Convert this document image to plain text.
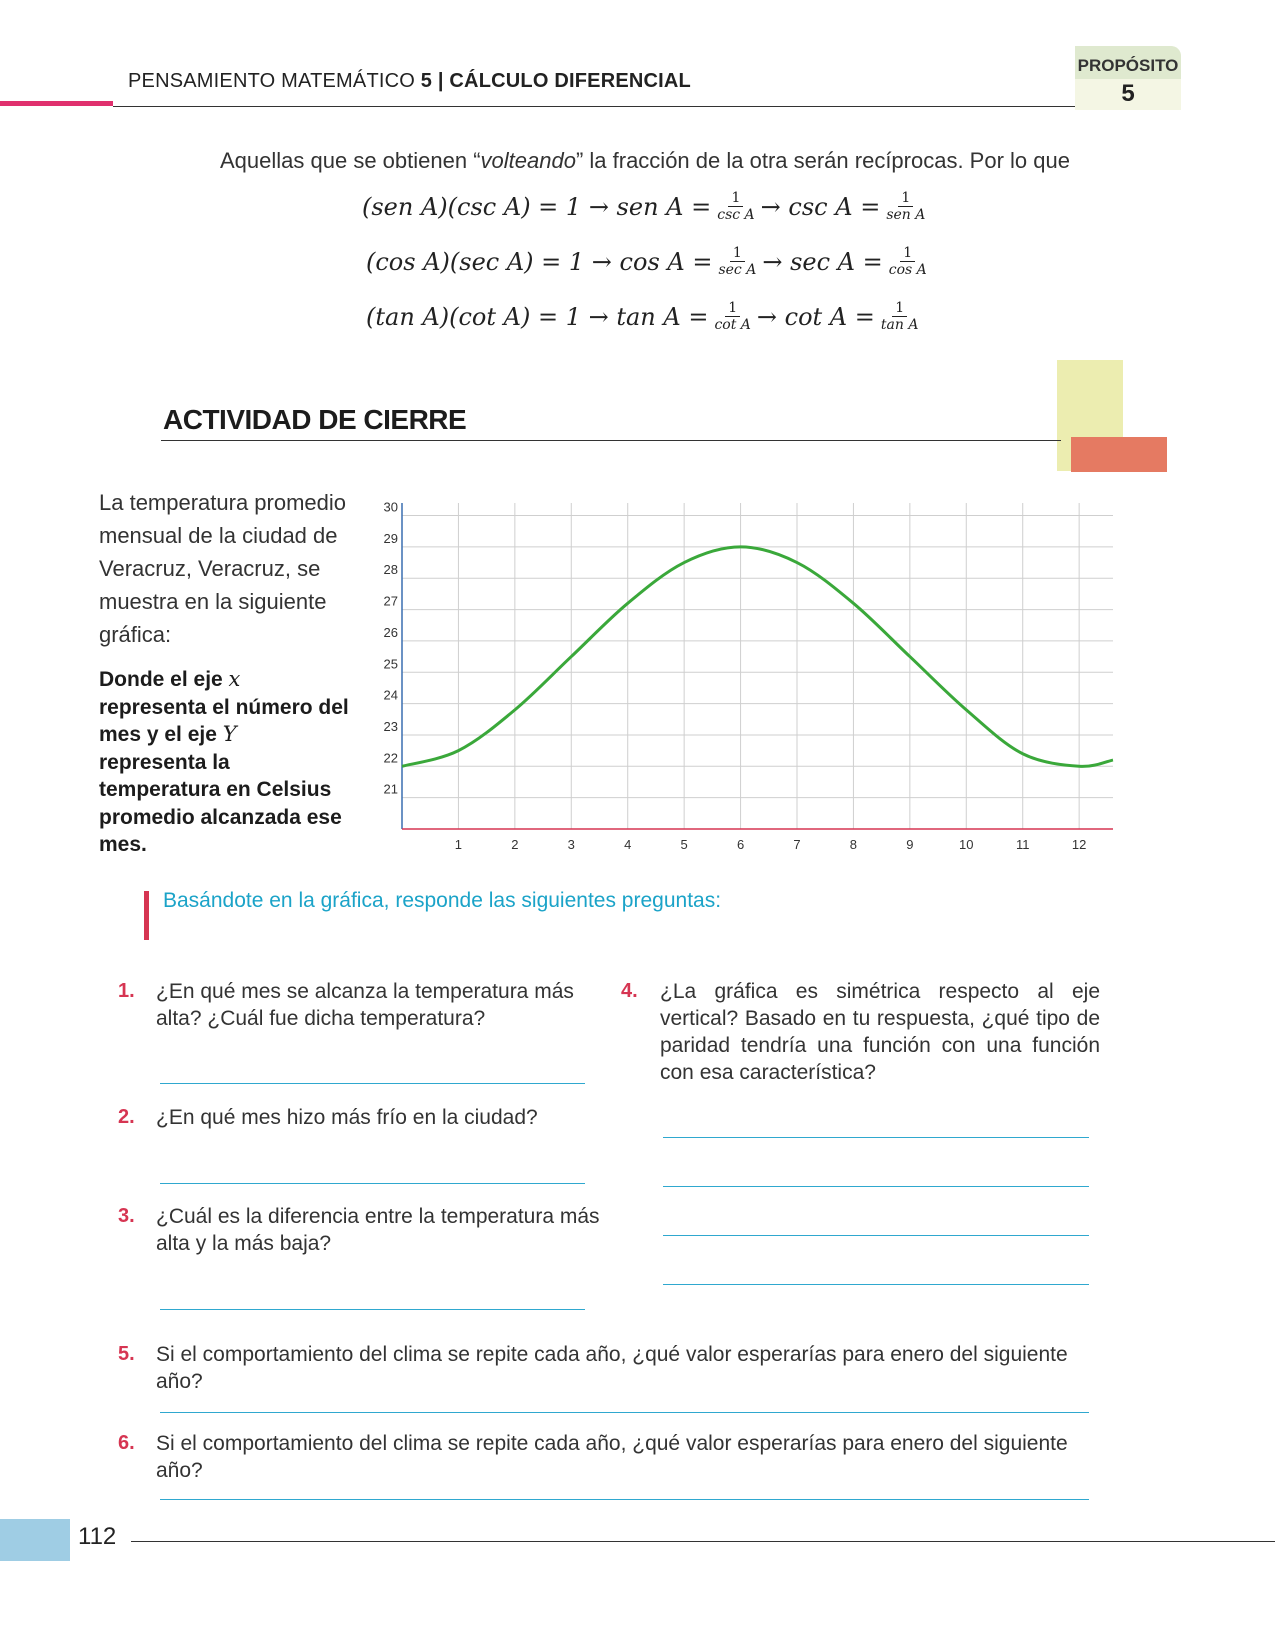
PENSAMIENTO MATEMÁTICO 5 | CÁLCULO DIFERENCIAL
PROPÓSITO
5
Aquellas que se obtienen “volteando” la fracción de la otra serán recíprocas. Por lo que
(sen A)(csc A) = 1 → sen $A = \frac{1}{\text{csc A}} \to \csc A = \frac{1}{\text{sen A}}$
(cos A)(sec $A) = 1 \to \cos A = \frac{1}{\text{sec A}} \to \sec A = \frac{1}{\text{cos A}}$
(tan A)(cot $A) = 1 \to \tan A = \frac{1}{\text{cot A}} \to \cot A = \frac{1}{\text{tan A}}$
ACTIVIDAD DE CIERRE
La temperatura promedio mensual de la ciudad de Veracruz, Veracruz, se muestra en la siguiente gráfica:
Donde el eje x representa el número del mes y el eje Y representa la temperatura en Celsius promedio alcanzada ese mes.
21
22
23
24
25
26
27
28
29
30
1	2	3	4	5	6	7	8	9	10	11	12
Basándote en la gráfica, responde las siguientes preguntas:
1. ¿En qué mes se alcanza la temperatura más alta? ¿Cuál fue dicha temperatura?
2. ¿En qué mes hizo más frío en la ciudad?
3. ¿Cuál es la diferencia entre la temperatura más alta y la más baja?
4. ¿La gráfica es simétrica respecto al eje vertical? Basado en tu respuesta, ¿qué tipo de paridad tendría una función con una función con esa característica?
5. Si el comportamiento del clima se repite cada año, ¿qué valor esperarías para enero del siguiente año?
6. Si el comportamiento del clima se repite cada año, ¿qué valor esperarías para enero del siguiente año?
112
